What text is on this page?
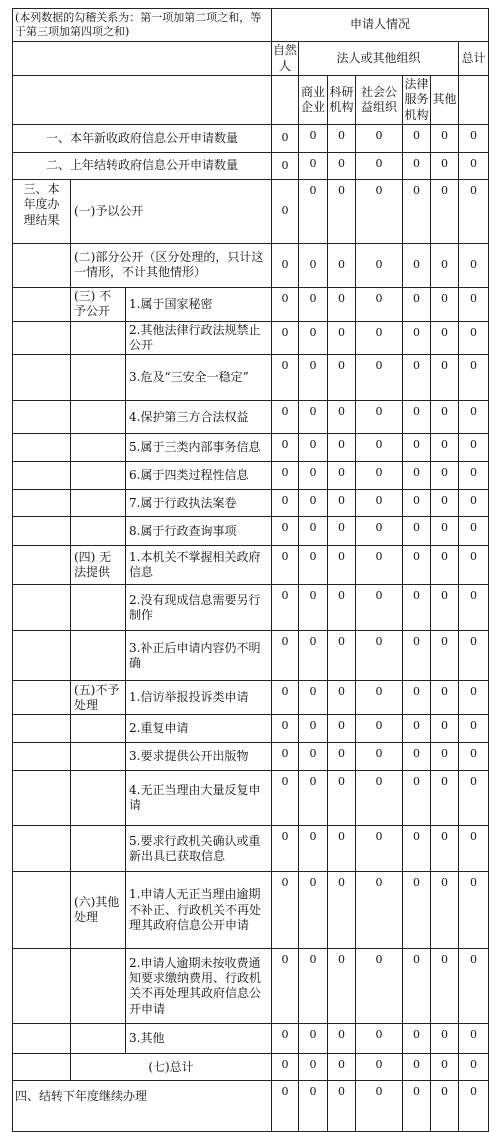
(本列数据的勾稽关系为：第一项加第二项之和，等于第三项加第四项之和)			申请人情况						
			自然人	法人或其他组织					总计
				商业企业	科研机构	社会公益组织	法律服务机构	其他	
一、本年新收政府信息公开申请数量			0	0	0	0	0	0	0
二、上年结转政府信息公开申请数量			0	0	0	0	0	0	0
三、本年度办理结果	(一)予以公开		0	0	0	0	0	0	0
	(二)部分公开（区分处理的，只计这一情形，不计其他情形）		0	0	0	0	0	0	0
	(三) 不予公开	1.属于国家秘密	0	0	0	0	0	0	0
		2.其他法律行政法规禁止公开	0	0	0	0	0	0	0
		3.危及“三安全一稳定”	0	0	0	0	0	0	0
		4.保护第三方合法权益	0	0	0	0	0	0	0
		5.属于三类内部事务信息	0	0	0	0	0	0	0
		6.属于四类过程性信息	0	0	0	0	0	0	0
		7.属于行政执法案卷	0	0	0	0	0	0	0
		8.属于行政查询事项	0	0	0	0	0	0	0
	(四) 无法提供	1.本机关不掌握相关政府信息	0	0	0	0	0	0	0
		2.没有现成信息需要另行制作	0	0	0	0	0	0	0
		3.补正后申请内容仍不明确	0	0	0	0	0	0	0
	(五)不予处理	1.信访举报投诉类申请	0	0	0	0	0	0	0
		2.重复申请	0	0	0	0	0	0	0
		3.要求提供公开出版物	0	0	0	0	0	0	0
		4.无正当理由大量反复申请	0	0	0	0	0	0	0
		5.要求行政机关确认或重新出具已获取信息	0	0	0	0	0	0	0
	(六)其他处理	1.申请人无正当理由逾期不补正、行政机关不再处理其政府信息公开申请	0	0	0	0	0	0	0
		2.申请人逾期未按收费通知要求缴纳费用、行政机关不再处理其政府信息公开申请	0	0	0	0	0	0	0
		3.其他	0	0	0	0	0	0	0
	(七)总计		0	0	0	0	0	0	0
四、结转下年度继续办理			0	0	0	0	0	0	0
